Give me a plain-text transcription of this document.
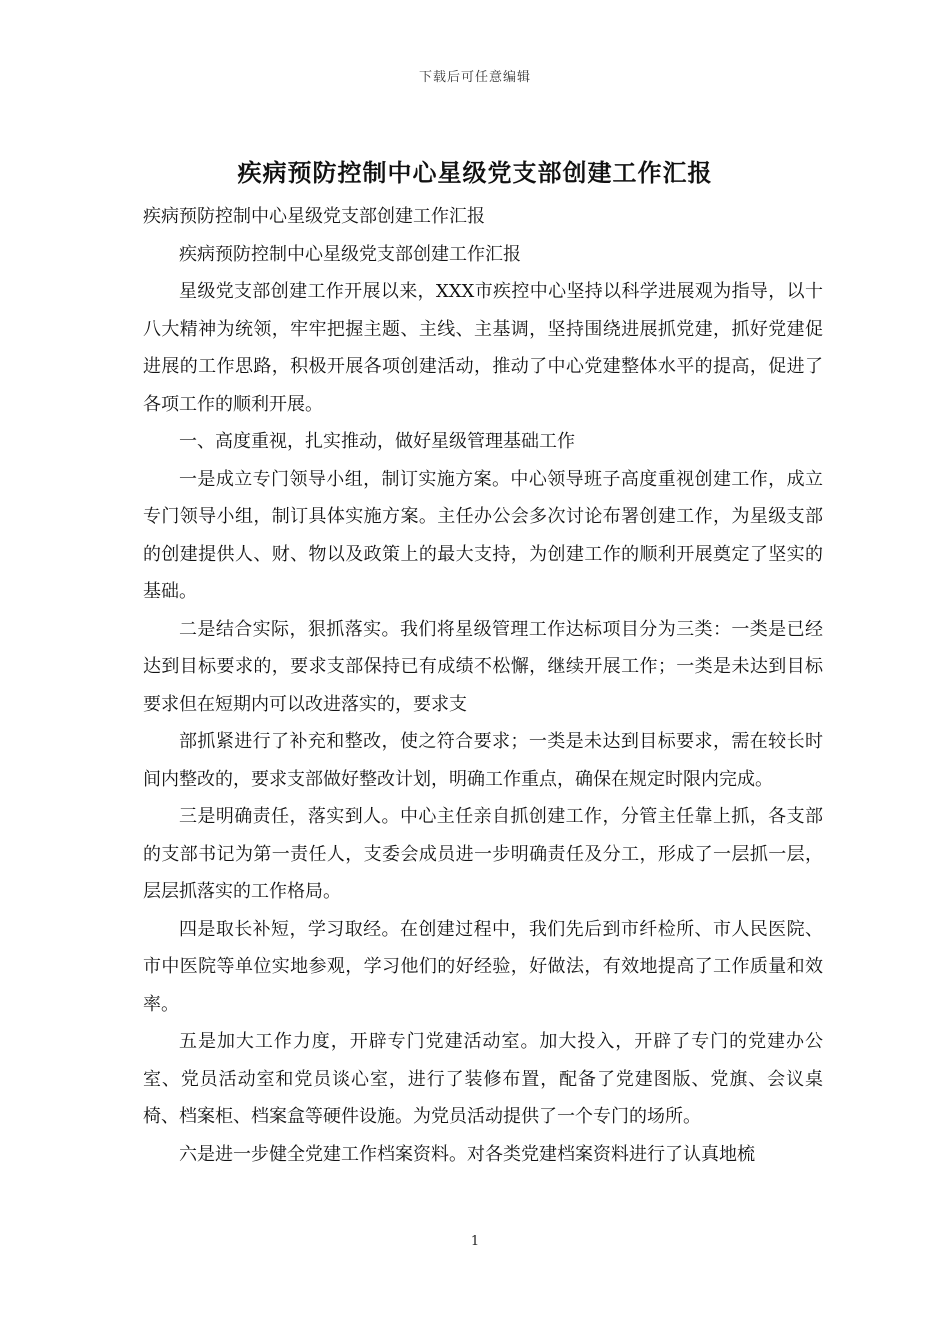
下载后可任意编辑
疾病预防控制中心星级党支部创建工作汇报

疾病预防控制中心星级党支部创建工作汇报

疾病预防控制中心星级党支部创建工作汇报

星级党支部创建工作开展以来，XXX市疾控中心坚持以科学进展观为指导，以十八大精神为统领，牢牢把握主题、主线、主基调，坚持围绕进展抓党建，抓好党建促进展的工作思路，积极开展各项创建活动，推动了中心党建整体水平的提高，促进了各项工作的顺利开展。

一、高度重视，扎实推动，做好星级管理基础工作

一是成立专门领导小组，制订实施方案。中心领导班子高度重视创建工作，成立专门领导小组，制订具体实施方案。主任办公会多次讨论布署创建工作，为星级支部的创建提供人、财、物以及政策上的最大支持，为创建工作的顺利开展奠定了坚实的基础。

二是结合实际，狠抓落实。我们将星级管理工作达标项目分为三类：一类是已经达到目标要求的，要求支部保持已有成绩不松懈，继续开展工作；一类是未达到目标要求但在短期内可以改进落实的，要求支

部抓紧进行了补充和整改，使之符合要求；一类是未达到目标要求，需在较长时间内整改的，要求支部做好整改计划，明确工作重点，确保在规定时限内完成。

三是明确责任，落实到人。中心主任亲自抓创建工作，分管主任靠上抓，各支部的支部书记为第一责任人，支委会成员进一步明确责任及分工，形成了一层抓一层，层层抓落实的工作格局。

四是取长补短，学习取经。在创建过程中，我们先后到市纤检所、市人民医院、市中医院等单位实地参观，学习他们的好经验，好做法，有效地提高了工作质量和效率。

五是加大工作力度，开辟专门党建活动室。加大投入，开辟了专门的党建办公室、党员活动室和党员谈心室，进行了装修布置，配备了党建图版、党旗、会议桌椅、档案柜、档案盒等硬件设施。为党员活动提供了一个专门的场所。

六是进一步健全党建工作档案资料。对各类党建档案资料进行了认真地梳

1
